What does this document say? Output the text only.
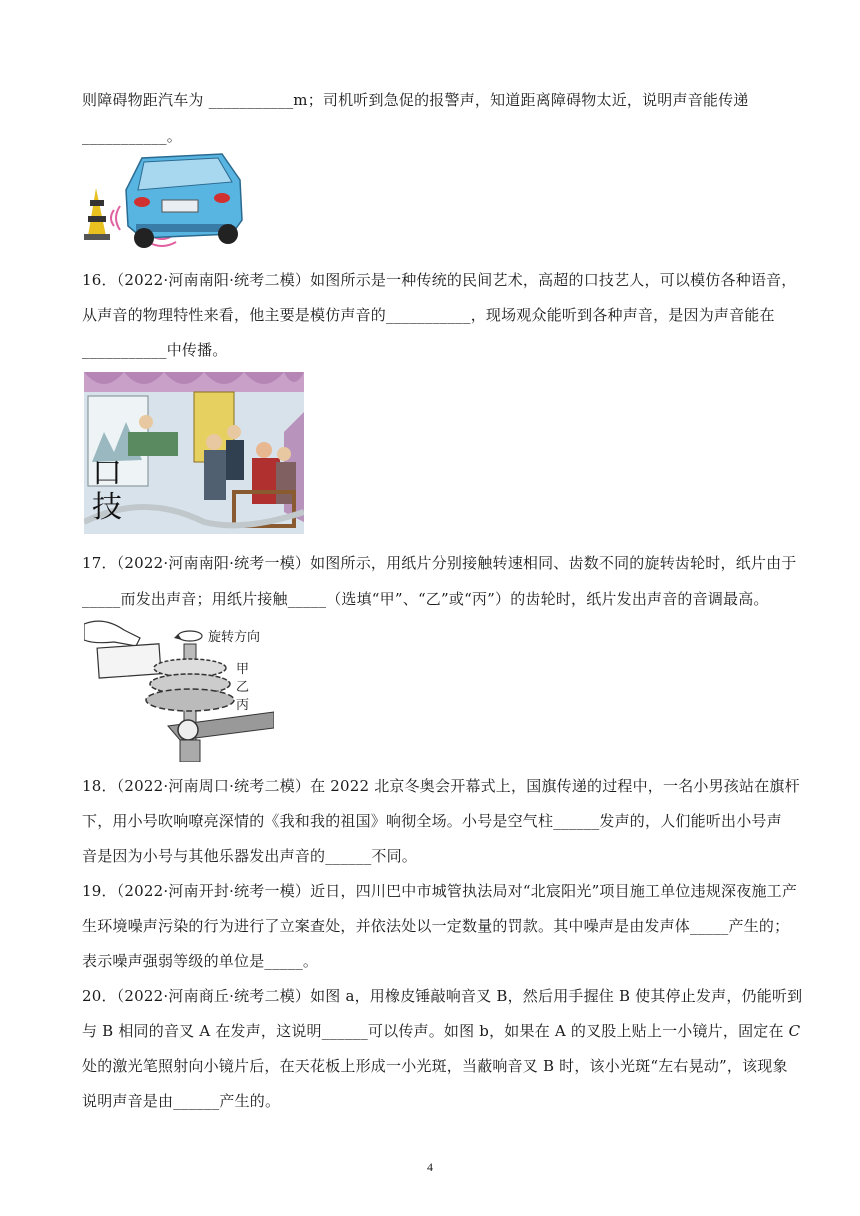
则障碍物距汽车为 ___________m；司机听到急促的报警声，知道距离障碍物太近，说明声音能传递
___________。
16．（2022·河南南阳·统考二模）如图所示是一种传统的民间艺术，高超的口技艺人，可以模仿各种语音，
从声音的物理特性来看，他主要是模仿声音的___________，现场观众能听到各种声音，是因为声音能在
___________中传播。
口
技
17．（2022·河南南阳·统考一模）如图所示，用纸片分别接触转速相同、齿数不同的旋转齿轮时，纸片由于
_____而发出声音；用纸片接触_____（选填“甲”、“乙”或“丙”）的齿轮时，纸片发出声音的音调最高。
旋转方向
甲
乙
丙
18．（2022·河南周口·统考二模）在 2022 北京冬奥会开幕式上，国旗传递的过程中，一名小男孩站在旗杆
下，用小号吹响嘹亮深情的《我和我的祖国》响彻全场。小号是空气柱______发声的，人们能听出小号声
音是因为小号与其他乐器发出声音的______不同。
19．（2022·河南开封·统考一模）近日，四川巴中市城管执法局对“北宸阳光”项目施工单位违规深夜施工产
生环境噪声污染的行为进行了立案查处，并依法处以一定数量的罚款。其中噪声是由发声体_____产生的；
表示噪声强弱等级的单位是_____。
20．（2022·河南商丘·统考二模）如图 a，用橡皮锤敲响音叉 B，然后用手握住 B 使其停止发声，仍能听到
与 B 相同的音叉 A 在发声，这说明______可以传声。如图 b，如果在 A 的叉股上贴上一小镜片，固定在 C
处的激光笔照射向小镜片后，在天花板上形成一小光斑，当蔽响音叉 B 时，该小光斑“左右晃动”，该现象
说明声音是由______产生的。
4
